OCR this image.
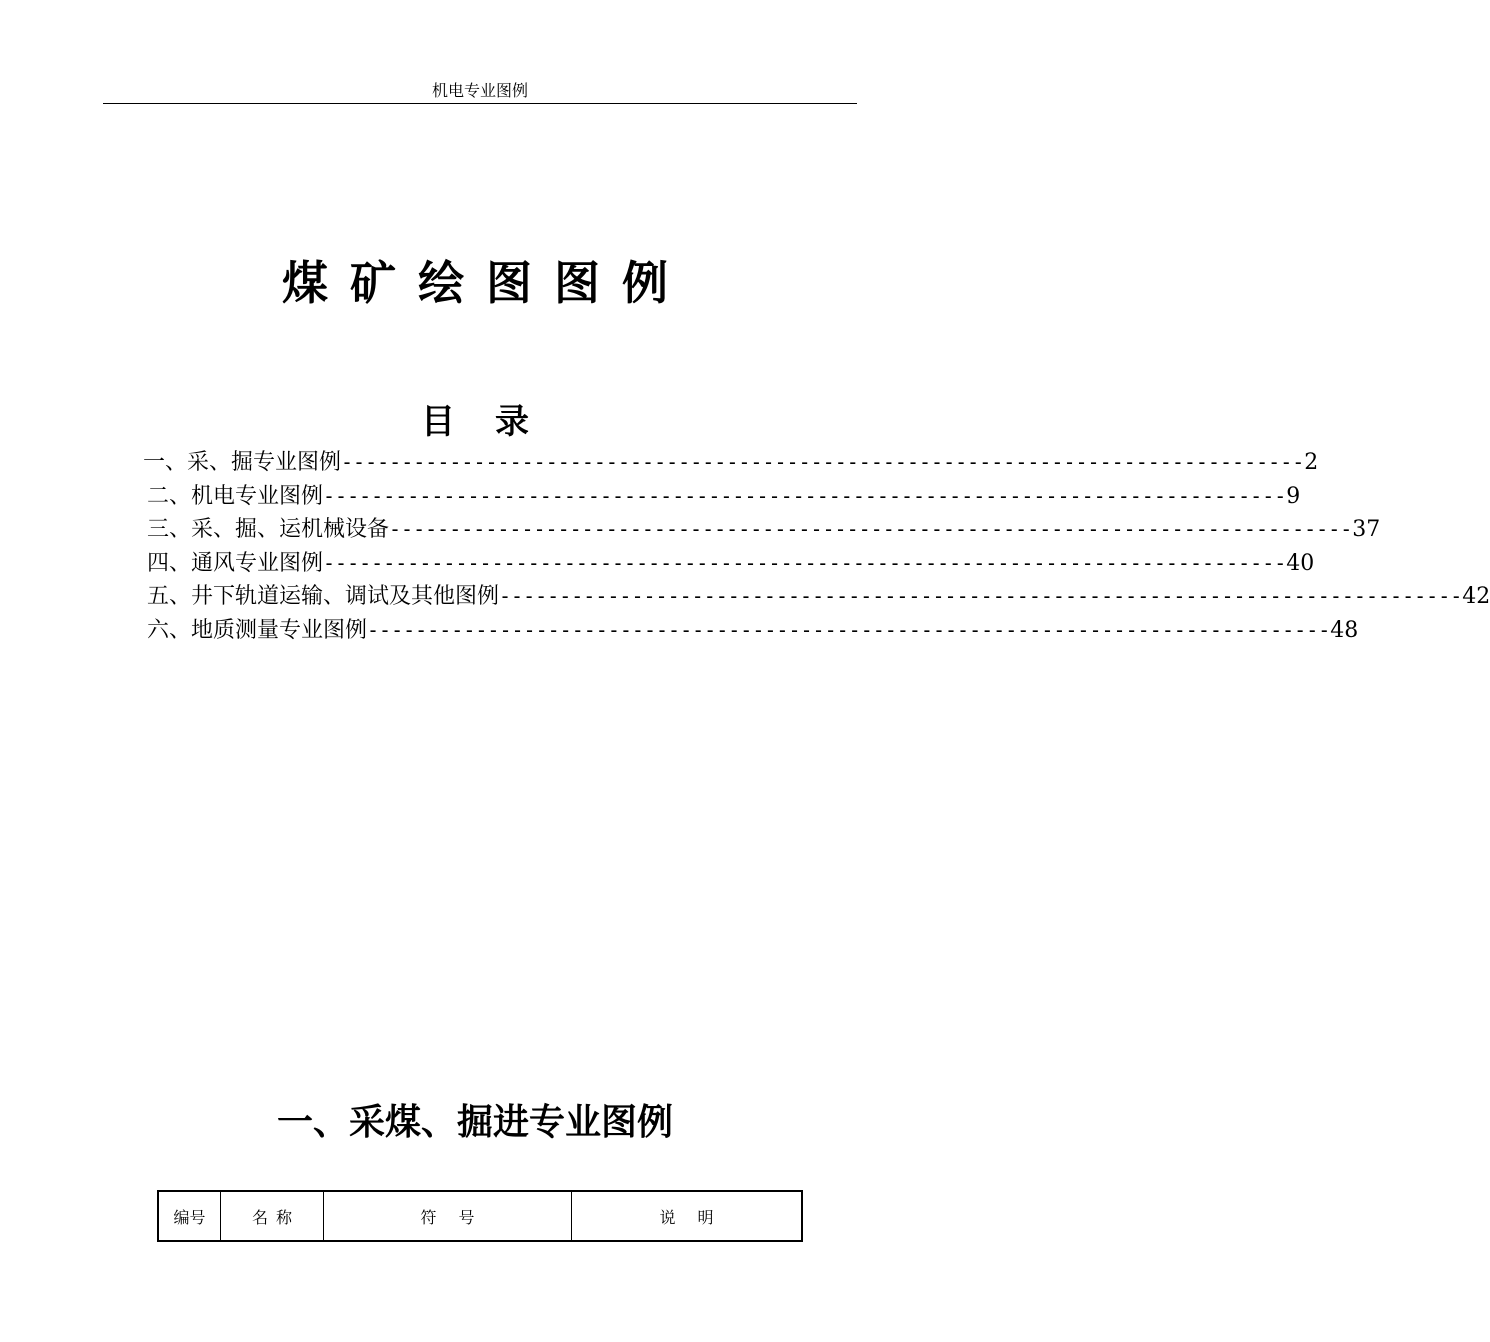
机电专业图例
煤矿绘图图例
目录
一、采、掘专业图例 -------------------------------------------------------------------------------- 2
二、机电专业图例 -------------------------------------------------------------------------------- 9
三、采、掘、运机械设备 -------------------------------------------------------------------------------- 37
四、通风专业图例 -------------------------------------------------------------------------------- 40
五、井下轨道运输、调试及其他图例 -------------------------------------------------------------------------------- 42
六、地质测量专业图例 -------------------------------------------------------------------------------- 48
一、采煤、掘进专业图例
编号	名称	符号	说明
